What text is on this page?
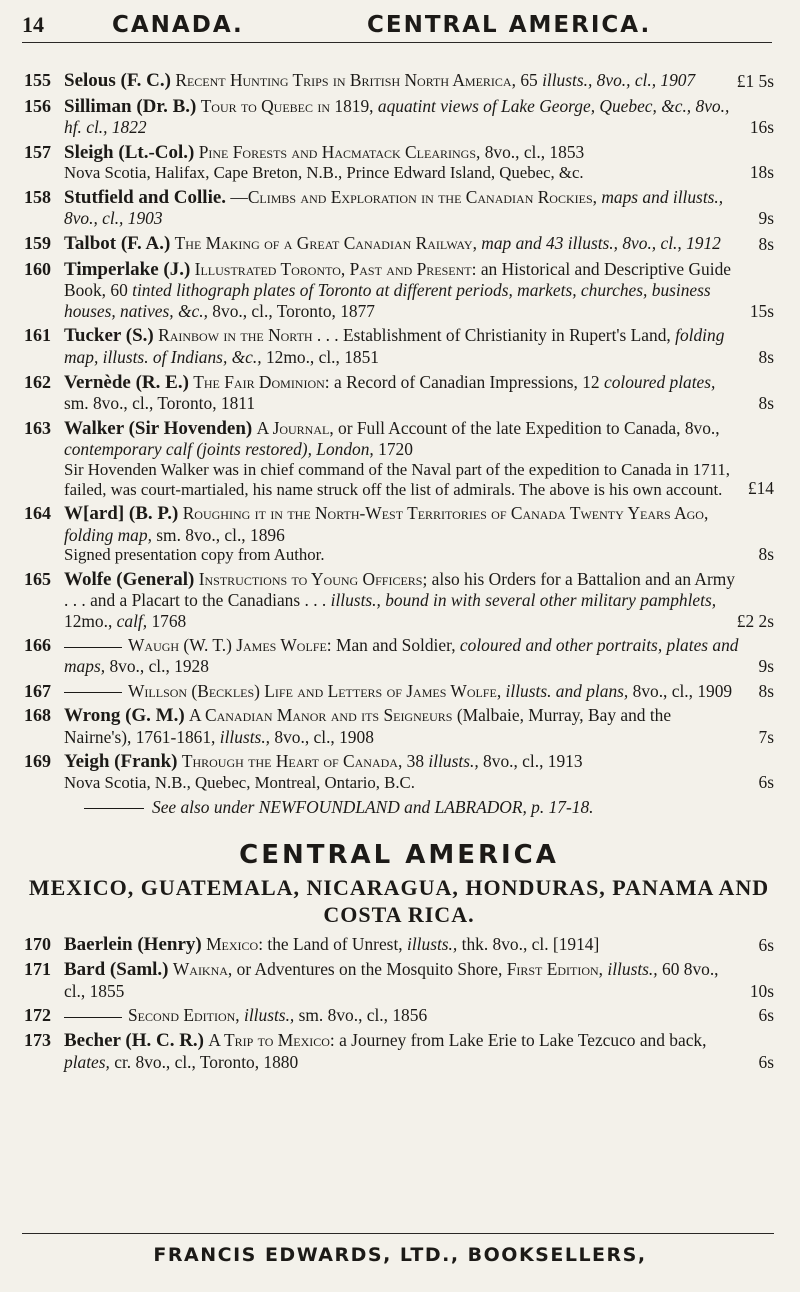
14	CANADA.	CENTRAL AMERICA.
155 Selous (F. C.) Recent Hunting Trips in British North America, 65 illusts., 8vo., cl., 1907 £1 5s
156 Silliman (Dr. B.) Tour to Quebec in 1819, aquatint views of Lake George, Quebec, &c., 8vo., hf. cl., 1822	16s
157 Sleigh (Lt.-Col.) Pine Forests and Hacmatack Clearings, 8vo., cl., 1853
Nova Scotia, Halifax, Cape Breton, N.B., Prince Edward Island, Quebec, &c.	18s
158 Stutfield and Collie. —Climbs and Exploration in the Canadian Rockies, maps and illusts., 8vo., cl., 1903	9s
159 Talbot (F. A.) The Making of a Great Canadian Railway, map and 43 illusts., 8vo., cl., 1912 8s
160 Timperlake (J.) Illustrated Toronto, Past and Present: an Historical and Descriptive Guide Book, 60 tinted lithograph plates of Toronto at different periods, markets, churches, business houses, natives, &c., 8vo., cl., Toronto, 1877	15s
161 Tucker (S.) Rainbow in the North . . . Establishment of Christianity in Rupert's Land, folding map, illusts. of Indians, &c., 12mo., cl., 1851	8s
162 Vernède (R. E.) The Fair Dominion: a Record of Canadian Impressions, 12 coloured plates, sm. 8vo., cl., Toronto, 1811	8s
163 Walker (Sir Hovenden) A Journal, or Full Account of the late Expedition to Canada, 8vo., contemporary calf (joints restored), London, 1720
Sir Hovenden Walker was in chief command of the Naval part of the expedition to Canada in 1711, failed, was court-martialed, his name struck off the list of admirals. The above is his own account.	£14
164 W[ard] (B. P.) Roughing it in the North-West Territories of Canada Twenty Years Ago, folding map, sm. 8vo., cl., 1896
Signed presentation copy from Author.	8s
165 Wolfe (General) Instructions to Young Officers; also his Orders for a Battalion and an Army . . . and a Placart to the Canadians . . . illusts., bound in with several other military pamphlets, 12mo., calf, 1768	£2 2s
166	Waugh (W. T.) James Wolfe: Man and Soldier, coloured and other portraits, plates and maps, 8vo., cl., 1928	9s
167	Willson (Beckles) Life and Letters of James Wolfe, illusts. and plans, 8vo., cl., 1909 8s
168 Wrong (G. M.) A Canadian Manor and its Seigneurs (Malbaie, Murray, Bay and the Nairne's), 1761-1861, illusts., 8vo., cl., 1908	7s
169 Yeigh (Frank) Through the Heart of Canada, 38 illusts., 8vo., cl., 1913
Nova Scotia, N.B., Quebec, Montreal, Ontario, B.C.	6s
See also under NEWFOUNDLAND and LABRADOR, p. 17-18.
CENTRAL AMERICA
MEXICO, GUATEMALA, NICARAGUA, HONDURAS, PANAMA AND COSTA RICA.
170 Baerlein (Henry) Mexico: the Land of Unrest, illusts., thk. 8vo., cl. [1914]	6s
171 Bard (Saml.) Waikna, or Adventures on the Mosquito Shore, First Edition, illusts., 60 8vo., cl., 1855	10s
172	Second Edition, illusts., sm. 8vo., cl., 1856	6s
173 Becher (H. C. R.) A Trip to Mexico: a Journey from Lake Erie to Lake Tezcuco and back, plates, cr. 8vo., cl., Toronto, 1880	6s
FRANCIS EDWARDS, LTD., BOOKSELLERS,
